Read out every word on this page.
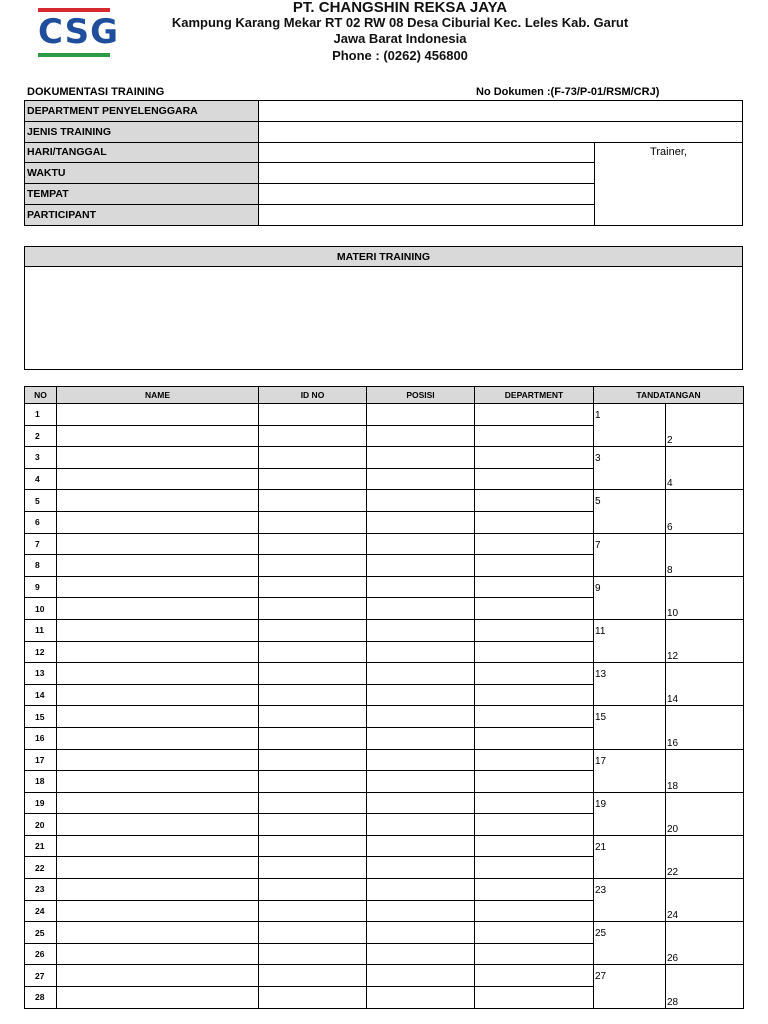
CSG
PT. CHANGSHIN REKSA JAYA
Kampung Karang Mekar RT 02 RW 08 Desa Ciburial Kec. Leles Kab. Garut
Jawa Barat Indonesia
Phone : (0262) 456800
DOKUMENTASI TRAINING	No Dokumen :(F-73/P-01/RSM/CRJ)
DEPARTMENT PENYELENGGARA		
JENIS TRAINING		
HARI/TANGGAL		Trainer,
WAKTU		
TEMPAT		
PARTICIPANT		
MATERI TRAINING

NO	NAME	ID NO	POSISI	DEPARTMENT	TANDATANGAN	
1					1	2
2						
3					3	4
4						
5					5	6
6						
7					7	8
8						
9					9	10
10						
11					11	12
12						
13					13	14
14						
15					15	16
16						
17					17	18
18						
19					19	20
20						
21					21	22
22						
23					23	24
24						
25					25	26
26						
27					27	28
28						
